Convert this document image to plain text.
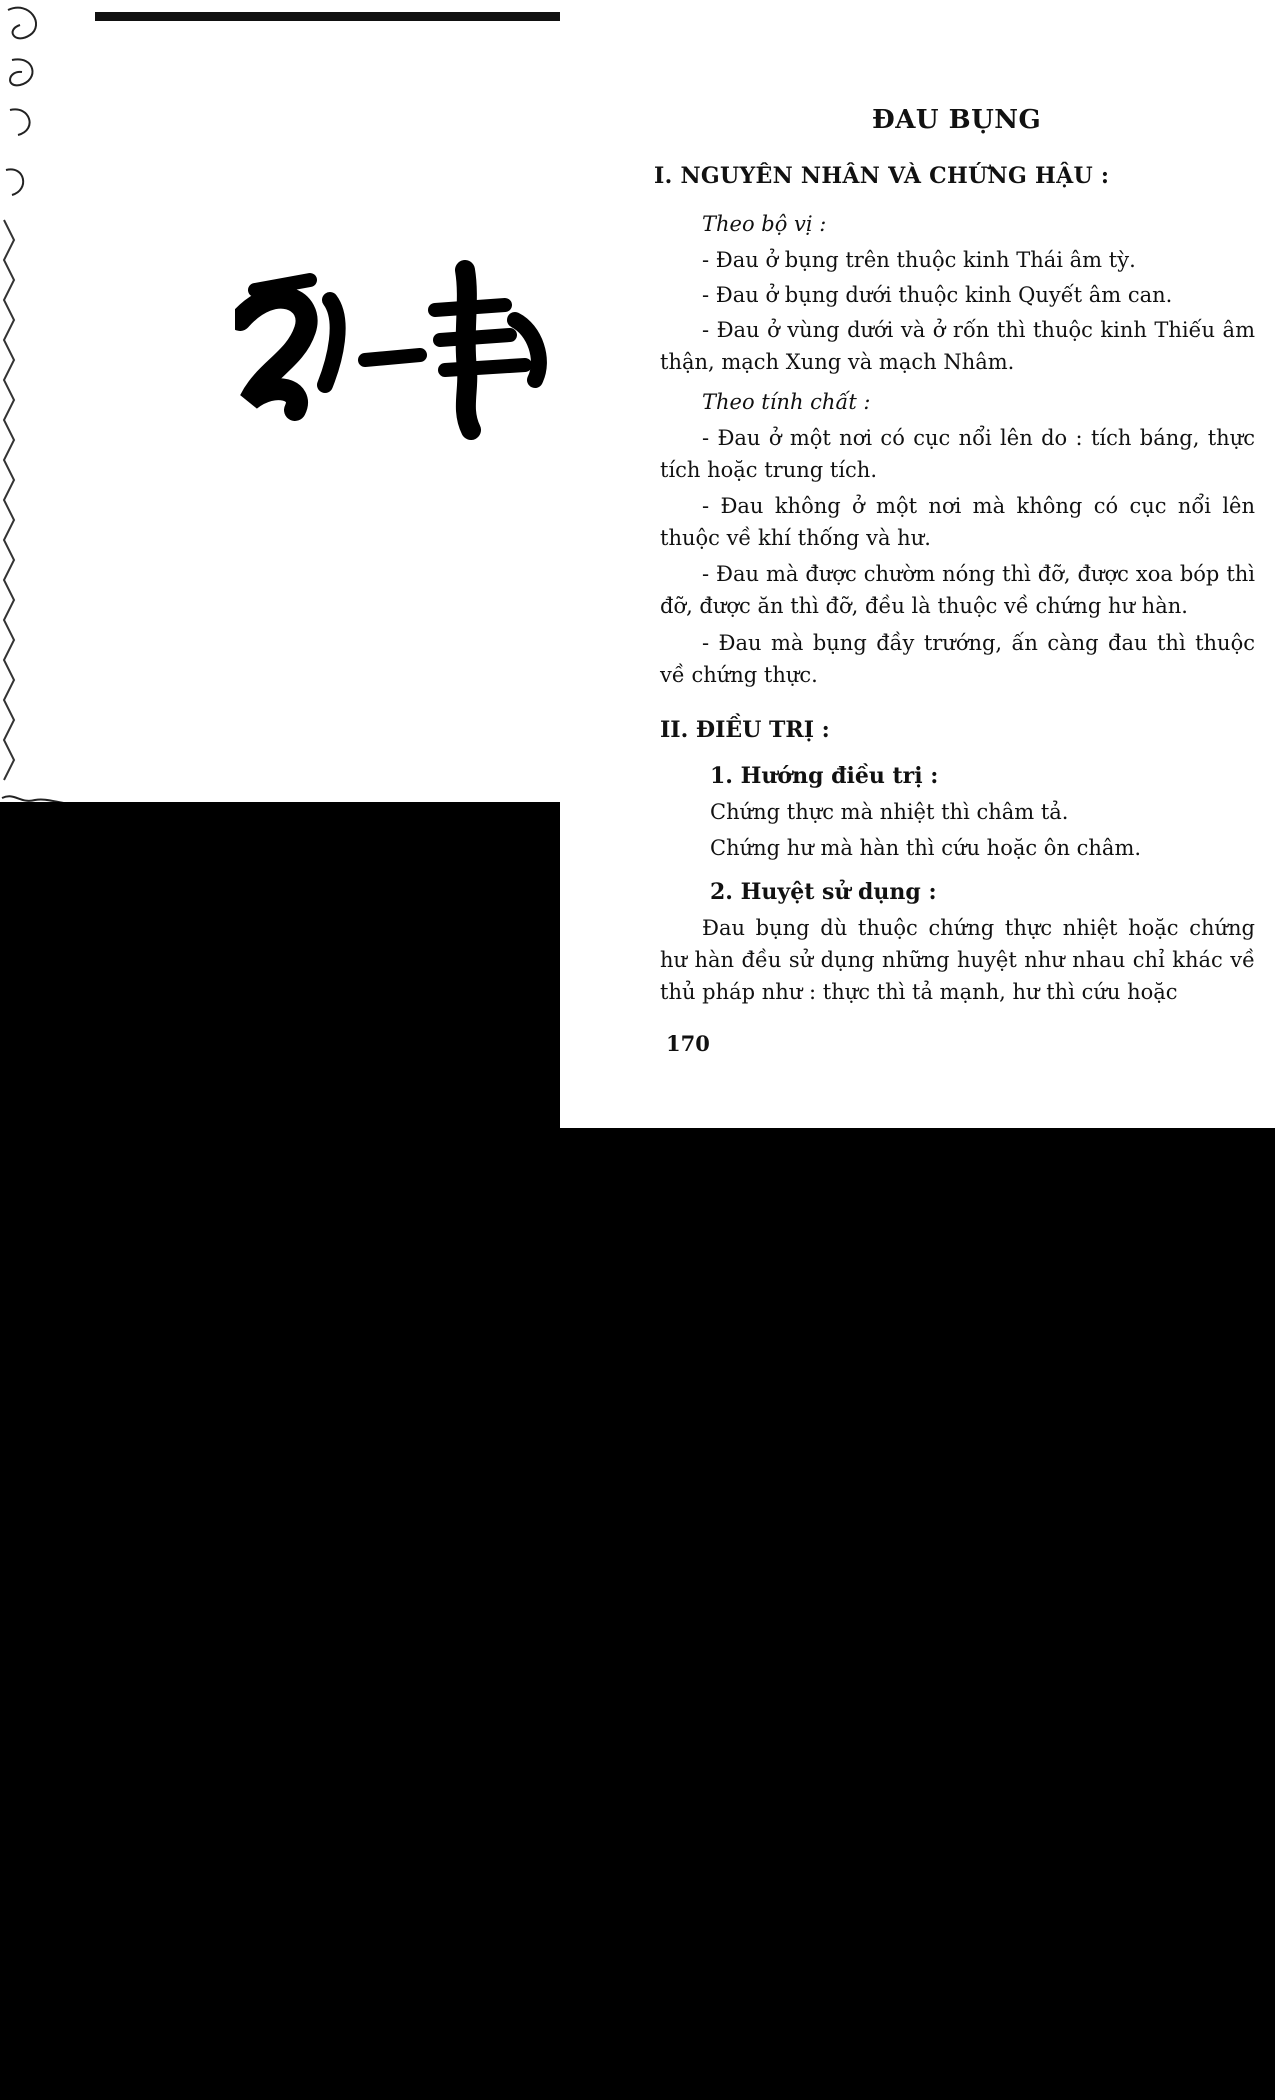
ĐAU BỤNG
I. NGUYÊN NHÂN VÀ CHỨNG HẬU :

Theo bộ vị :

- Đau ở bụng trên thuộc kinh Thái âm tỳ.

- Đau ở bụng dưới thuộc kinh Quyết âm can.

- Đau ở vùng dưới và ở rốn thì thuộc kinh Thiếu âm thận, mạch Xung và mạch Nhâm.

Theo tính chất :

- Đau ở một nơi có cục nổi lên do : tích báng, thực tích hoặc trung tích.

- Đau không ở một nơi mà không có cục nổi lên thuộc về khí thống và hư.

- Đau mà được chườm nóng thì đỡ, được xoa bóp thì đỡ, được ăn thì đỡ, đều là thuộc về chứng hư hàn.

- Đau mà bụng đầy trướng, ấn càng đau thì thuộc về chứng thực.

II. ĐIỀU TRỊ :

1. Hướng điều trị :

Chứng thực mà nhiệt thì châm tả.

Chứng hư mà hàn thì cứu hoặc ôn châm.

2. Huyệt sử dụng :

Đau bụng dù thuộc chứng thực nhiệt hoặc chứng hư hàn đều sử dụng những huyệt như nhau chỉ khác về thủ pháp như : thực thì tả mạnh, hư thì cứu hoặc

170
